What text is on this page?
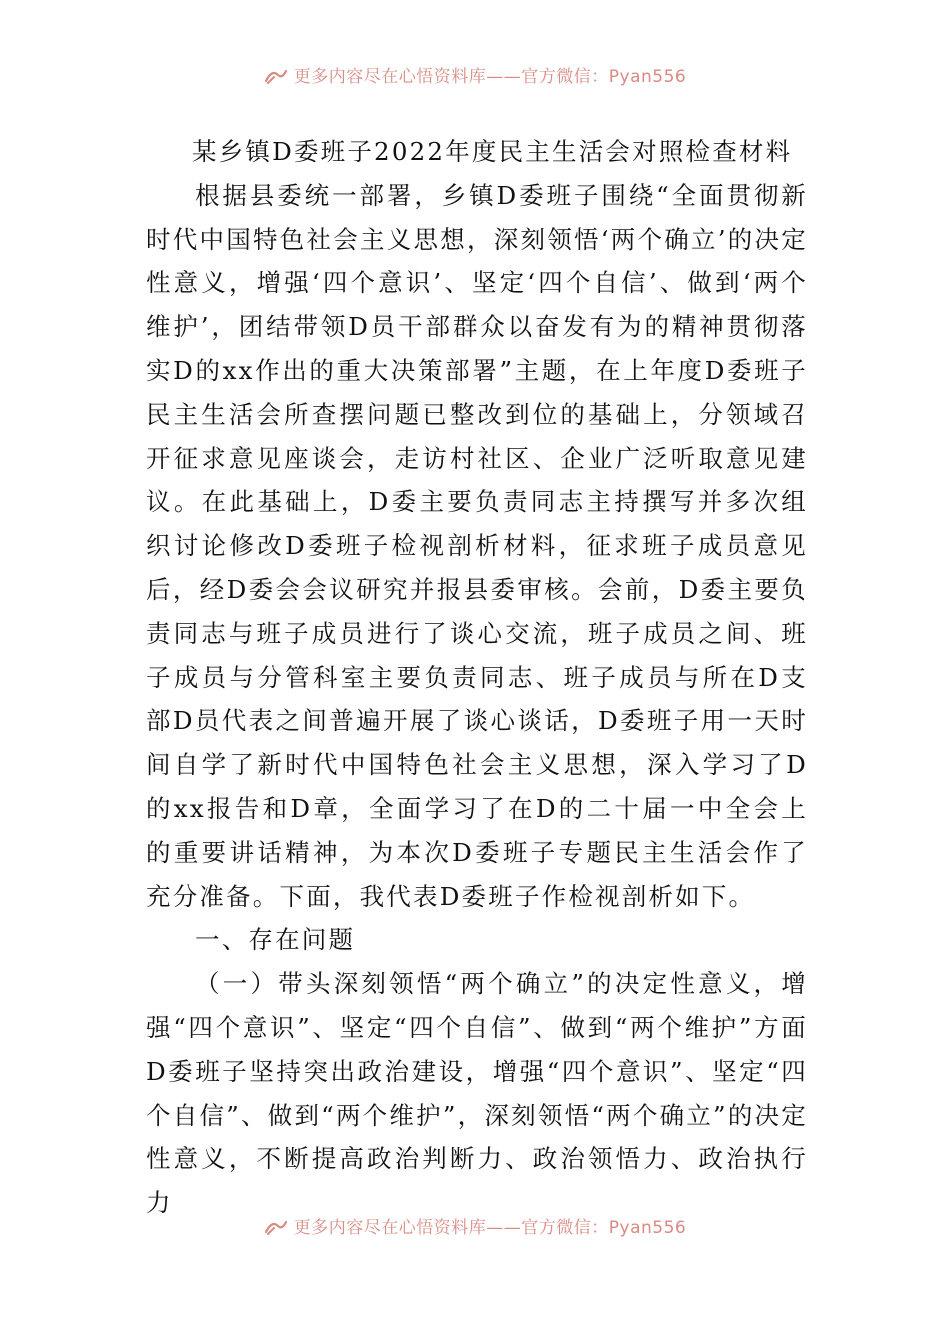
更多内容尽在心悟资料库——官方微信：Pyan556

某乡镇D委班子2022年度民主生活会对照检查材料

根据县委统一部署，乡镇D委班子围绕“全面贯彻新时代中国特色社会主义思想，深刻领悟‘两个确立’的决定性意义，增强‘四个意识’、坚定‘四个自信’、做到‘两个维护’，团结带领D员干部群众以奋发有为的精神贯彻落实D的xx作出的重大决策部署”主题，在上年度D委班子民主生活会所查摆问题已整改到位的基础上，分领域召开征求意见座谈会，走访村社区、企业广泛听取意见建议。在此基础上，D委主要负责同志主持撰写并多次组织讨论修改D委班子检视剖析材料，征求班子成员意见后，经D委会会议研究并报县委审核。会前，D委主要负责同志与班子成员进行了谈心交流，班子成员之间、班子成员与分管科室主要负责同志、班子成员与所在D支部D员代表之间普遍开展了谈心谈话，D委班子用一天时间自学了新时代中国特色社会主义思想，深入学习了D的xx报告和D章，全面学习了在D的二十届一中全会上的重要讲话精神，为本次D委班子专题民主生活会作了充分准备。下面，我代表D委班子作检视剖析如下。

一、存在问题

（一）带头深刻领悟“两个确立”的决定性意义，增强“四个意识”、坚定“四个自信”、做到“两个维护”方面D委班子坚持突出政治建设，增强“四个意识”、坚定“四个自信”、做到“两个维护”，深刻领悟“两个确立”的决定性意义，不断提高政治判断力、政治领悟力、政治执行力

更多内容尽在心悟资料库——官方微信：Pyan556
